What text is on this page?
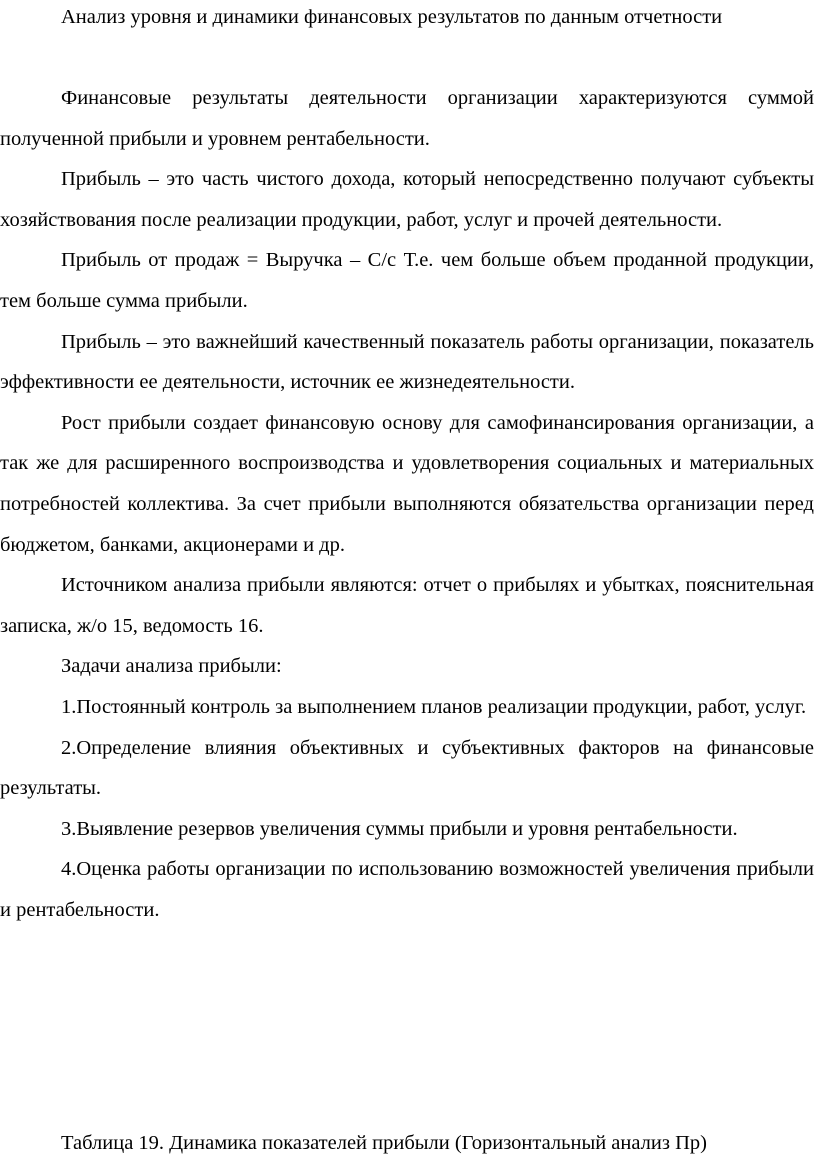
Анализ уровня и динамики финансовых результатов по данным отчетности

Финансовые результаты деятельности организации характеризуются суммой полученной прибыли и уровнем рентабельности.

Прибыль – это часть чистого дохода, который непосредственно получают субъекты хозяйствования после реализации продукции, работ, услуг и прочей деятельности.

Прибыль от продаж = Выручка – С/с Т.е. чем больше объем проданной продукции, тем больше сумма прибыли.

Прибыль – это важнейший качественный показатель работы организации, показатель эффективности ее деятельности, источник ее жизнедеятельности.

Рост прибыли создает финансовую основу для самофинансирования организации, а так же для расширенного воспроизводства и удовлетворения социальных и материальных потребностей коллектива. За счет прибыли выполняются обязательства организации перед бюджетом, банками, акционерами и др.

Источником анализа прибыли являются: отчет о прибылях и убытках, пояснительная записка, ж/о 15, ведомость 16.

Задачи анализа прибыли:

1.Постоянный контроль за выполнением планов реализации продукции, работ, услуг.

2.Определение влияния объективных и субъективных факторов на финансовые результаты.

3.Выявление резервов увеличения суммы прибыли и уровня рентабельности.

4.Оценка работы организации по использованию возможностей увеличения прибыли и рентабельности.

Таблица 19. Динамика показателей прибыли (Горизонтальный анализ Пр)
